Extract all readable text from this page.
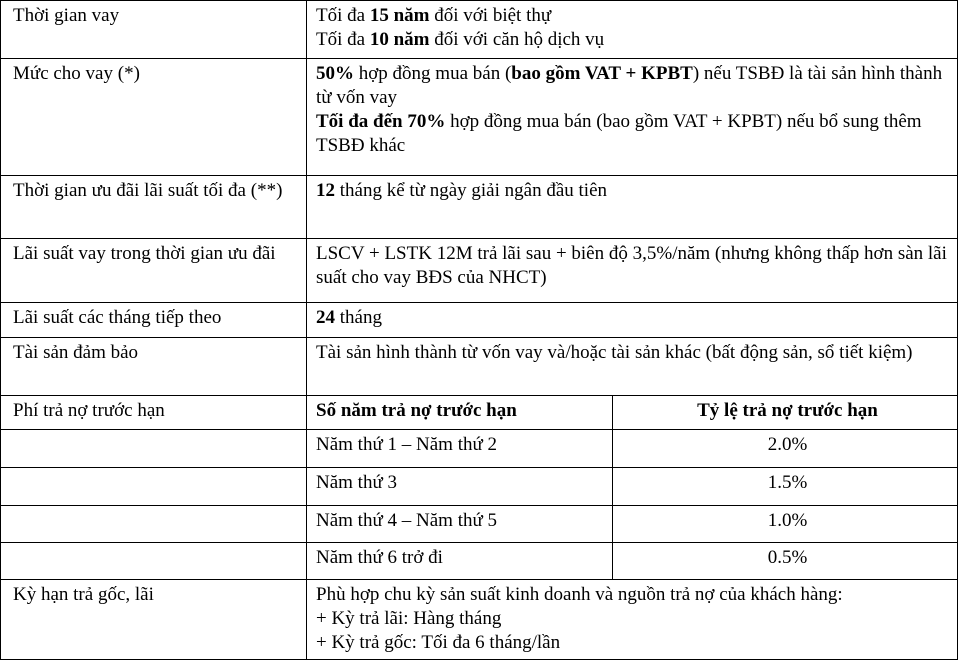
Thời gian vay	Tối đa 15 năm đối với biệt thự
Tối đa 10 năm đối với căn hộ dịch vụ	

Mức cho vay (*)	50% hợp đồng mua bán (bao gồm VAT + KPBT) nếu TSBĐ là tài sản hình thành từ vốn vay
Tối đa đến 70% hợp đồng mua bán (bao gồm VAT + KPBT) nếu bổ sung thêm TSBĐ khác	

Thời gian ưu đãi lãi suất tối đa (**)	12 tháng kể từ ngày giải ngân đầu tiên	
Lãi suất vay trong thời gian ưu đãi	LSCV + LSTK 12M trả lãi sau + biên độ 3,5%/năm (nhưng không thấp hơn sàn lãi suất cho vay BĐS của NHCT)	
Lãi suất các tháng tiếp theo	24 tháng	
Tài sản đảm bảo	Tài sản hình thành từ vốn vay và/hoặc tài sản khác (bất động sản, sổ tiết kiệm)	
Phí trả nợ trước hạn	Số năm trả nợ trước hạn	Tỷ lệ trả nợ trước hạn
	Năm thứ 1 – Năm thứ 2	2.0%
	Năm thứ 3	1.5%
	Năm thứ 4 – Năm thứ 5	1.0%
	Năm thứ 6 trở đi	0.5%
Kỳ hạn trả gốc, lãi	Phù hợp chu kỳ sản suất kinh doanh và nguồn trả nợ của khách hàng:
+ Kỳ trả lãi: Hàng tháng
+ Kỳ trả gốc: Tối đa 6 tháng/lần	
